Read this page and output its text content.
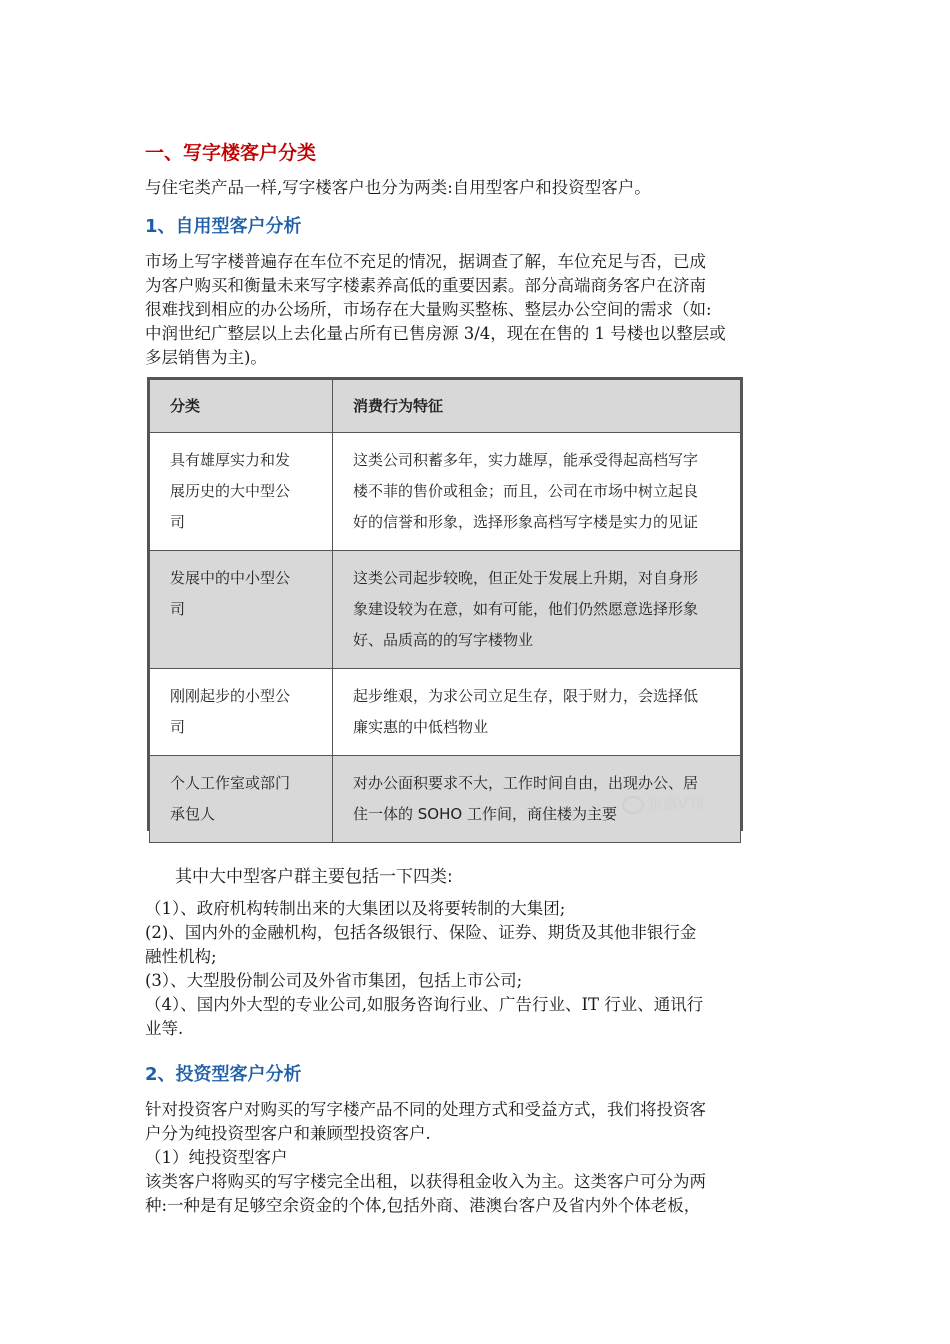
一、写字楼客户分类
与住宅类产品一样,写字楼客户也分为两类:自用型客户和投资型客户。
1、自用型客户分析
市场上写字楼普遍存在车位不充足的情况，据调查了解，车位充足与否，已成
为客户购买和衡量未来写字楼素养高低的重要因素。部分高端商务客户在济南
很难找到相应的办公场所，市场存在大量购买整栋、整层办公空间的需求（如:
中润世纪广整层以上去化量占所有已售房源 3/4，现在在售的 1 号楼也以整层或
多层销售为主)。
分类	消费行为特征

具有雄厚实力和发
展历史的大中型公
司	这类公司积蓄多年，实力雄厚，能承受得起高档写字
楼不菲的售价或租金；而且，公司在市场中树立起良
好的信誉和形象，选择形象高档写字楼是实力的见证

发展中的中小型公
司	这类公司起步较晚，但正处于发展上升期，对自身形
象建设较为在意，如有可能，他们仍然愿意选择形象
好、品质高的的写字楼物业

刚刚起步的小型公
司	起步维艰，为求公司立足生存，限于财力，会选择低
廉实惠的中低档物业

个人工作室或部门
承包人	对办公面积要求不大，工作时间自由，出现办公、居
住一体的 SOHO 工作间，商住楼为主要
泉盛V刊
其中大中型客户群主要包括一下四类:
（1）、政府机构转制出来的大集团以及将要转制的大集团;
(2)、国内外的金融机构，包括各级银行、保险、证券、期货及其他非银行金
融性机构;
(3）、大型股份制公司及外省市集团，包括上市公司;
（4）、国内外大型的专业公司,如服务咨询行业、广告行业、IT 行业、通讯行
业等.
2、投资型客户分析
针对投资客户对购买的写字楼产品不同的处理方式和受益方式，我们将投资客
户分为纯投资型客户和兼顾型投资客户.
（1）纯投资型客户
该类客户将购买的写字楼完全出租，以获得租金收入为主。这类客户可分为两
种:一种是有足够空余资金的个体,包括外商、港澳台客户及省内外个体老板，
